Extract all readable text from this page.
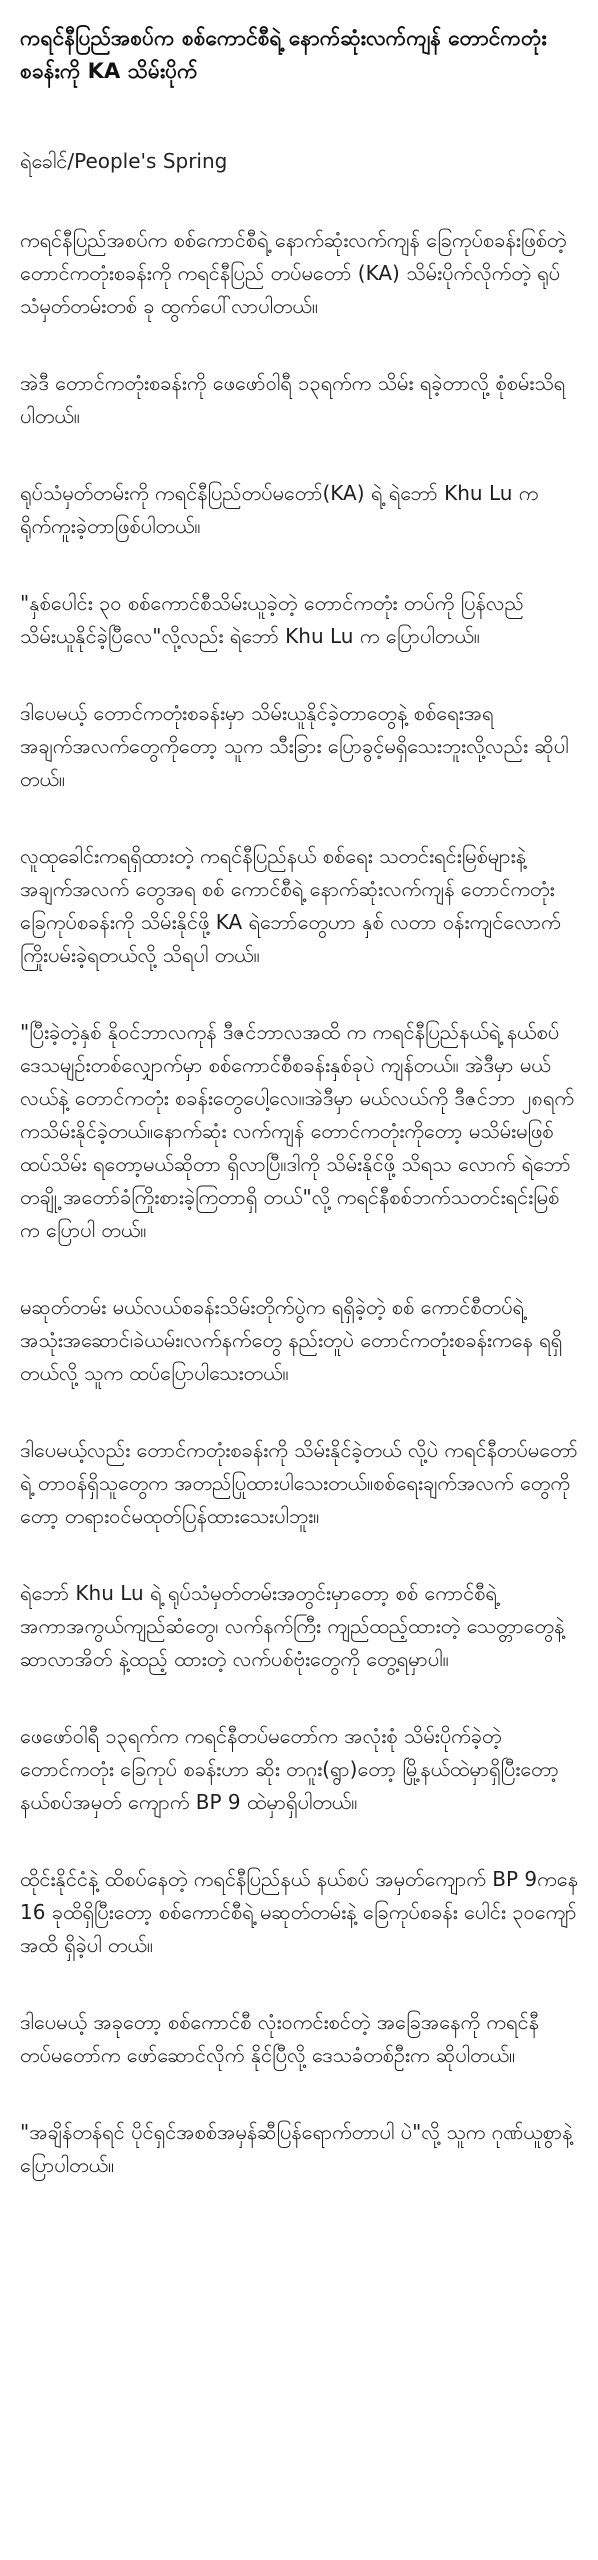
ကရင်နီပြည်အစပ်က စစ်ကောင်စီရဲ့ နောက်ဆုံးလက်ကျန် တောင်ကတုံးစခန်းကို KA သိမ်းပိုက်

ရဲခေါင်/People's Spring

ကရင်နီပြည်အစပ်က စစ်ကောင်စီရဲ့ နောက်ဆုံးလက်ကျန် ခြေကုပ်စခန်းဖြစ်တဲ့ တောင်ကတုံးစခန်းကို ကရင်နီပြည် တပ်မတော် (KA) သိမ်းပိုက်လိုက်တဲ့ ရုပ်သံမှတ်တမ်းတစ် ခု ထွက်ပေါ်လာပါတယ်။

အဲဒီ တောင်ကတုံးစခန်းကို ဖေဖော်ဝါရီ ၁၃ရက်က သိမ်း ရခဲ့တာလို့ စုံစမ်းသိရပါတယ်။

ရုပ်သံမှတ်တမ်းကို ကရင်နီပြည်တပ်မတော်(KA) ရဲ့ ရဲဘော် Khu Lu က ရိုက်ကူးခဲ့တာဖြစ်ပါတယ်။

"နှစ်ပေါင်း ၃၀ စစ်ကောင်စီသိမ်းယူခဲ့တဲ့ တောင်ကတုံး တပ်ကို ပြန်လည်သိမ်းယူနိုင်ခဲ့ပြီလေ"လို့လည်း ရဲဘော် Khu Lu က ပြောပါတယ်။

ဒါပေမယ့် တောင်ကတုံးစခန်းမှာ သိမ်းယူနိုင်ခဲ့တာတွေနဲ့ စစ်ရေးအရ အချက်အလက်တွေကိုတော့ သူက သီးခြား ပြောခွင့်မရှိသေးဘူးလို့လည်း ဆိုပါတယ်။

လူထုခေါင်းကရရှိထားတဲ့ ကရင်နီပြည်နယ် စစ်ရေး သတင်းရင်းမြစ်များနဲ့ အချက်အလက် တွေအရ စစ် ကောင်စီရဲ့ နောက်ဆုံးလက်ကျန် တောင်ကတုံး ခြေကုပ်စခန်းကို သိမ်းနိုင်ဖို့ KA ရဲဘော်တွေဟာ နှစ် လတာ ဝန်းကျင်လောက် ကြိုးပမ်းခဲ့ရတယ်လို့ သိရပါ တယ်။

"ပြီးခဲ့တဲ့နှစ် နိုဝင်ဘာလကုန် ဒီဇင်ဘာလအထိ က ကရင်နီပြည်နယ်ရဲ့ နယ်စပ်ဒေသမျဉ်းတစ်လျှောက်မှာ စစ်ကောင်စီစခန်းနှစ်ခုပဲ ကျန်တယ်။ အဲဒီမှာ မယ်လယ်နဲ့ တောင်ကတုံး စခန်းတွေပေါ့လေ။အဲဒီမှာ မယ်လယ်ကို ဒီဇင်ဘာ ၂၈ရက်ကသိမ်းနိုင်ခဲ့တယ်။နောက်ဆုံး လက်ကျန် တောင်ကတုံးကိုတော့ မသိမ်းမဖြစ် ထပ်သိမ်း ရတော့မယ်ဆိုတာ ရှိလာပြီ။ဒါကို သိမ်းနိုင်ဖို့ သိရသ လောက် ရဲဘော်တချို့ အတော်ခံကြိုးစားခဲ့ကြတာရှိ တယ်"လို့ ကရင်နီစစ်ဘက်သတင်းရင်းမြစ်က ပြောပါ တယ်။

မဆုတ်တမ်း မယ်လယ်စခန်းသိမ်းတိုက်ပွဲက ရရှိခဲ့တဲ့ စစ် ကောင်စီတပ်ရဲ့ အသုံးအဆောင်၊ခဲယမ်း၊လက်နက်တွေ နည်းတူပဲ တောင်ကတုံးစခန်းကနေ ရရှိတယ်လို့ သူက ထပ်ပြောပါသေးတယ်။

ဒါပေမယ့်လည်း တောင်ကတုံးစခန်းကို သိမ်းနိုင်ခဲ့တယ် လို့ပဲ ကရင်နီတပ်မတော်ရဲ့ တာဝန်ရှိသူတွေက အတည်ပြုထားပါသေးတယ်။စစ်ရေးချက်အလက် တွေကိုတော့ တရားဝင်မထုတ်ပြန်ထားသေးပါဘူး။

ရဲဘော် Khu Lu ရဲ့ ရုပ်သံမှတ်တမ်းအတွင်းမှာတော့ စစ် ကောင်စီရဲ့ အကာအကွယ်ကျည်ဆံတွေ၊ လက်နက်ကြီး ကျည်ထည့်ထားတဲ့ သေတ္တာတွေနဲ့ ဆာလာအိတ် နဲ့ထည့် ထားတဲ့ လက်ပစ်ဗုံးတွေကို တွေ့ရမှာပါ။

ဖေဖော်ဝါရီ ၁၃ရက်က ကရင်နီတပ်မတော်က အလုံးစုံ သိမ်းပိုက်ခဲ့တဲ့ တောင်ကတုံး ခြေကုပ် စခန်းဟာ ဆိုး တဂူး(ရွာ)တော့ မြို့နယ်ထဲမှာရှိပြီးတော့ နယ်စပ်အမှတ် ကျောက် BP 9 ထဲမှာရှိပါတယ်။

ထိုင်းနိုင်ငံနဲ့ ထိစပ်နေတဲ့ ကရင်နီပြည်နယ် နယ်စပ် အမှတ်ကျောက် BP 9ကနေ 16 ခုထိရှိပြီးတော့ စစ်ကောင်စီရဲ့ မဆုတ်တမ်းနဲ့ ခြေကုပ်စခန်း ပေါင်း ၃၀ကျော်အထိ ရှိခဲ့ပါ တယ်။

ဒါပေမယ့် အခုတော့ စစ်ကောင်စီ လုံးဝကင်းစင်တဲ့ အခြေအနေကို ကရင်နီတပ်မတော်က ဖော်ဆောင်လိုက် နိုင်ပြီလို့ ဒေသခံတစ်ဦးက ဆိုပါတယ်။

"အချိန်တန်ရင် ပိုင်ရှင်အစစ်အမှန်ဆီပြန်ရောက်တာပါ ပဲ"လို့ သူက ဂုဏ်ယူစွာနဲ့ ပြောပါတယ်။
